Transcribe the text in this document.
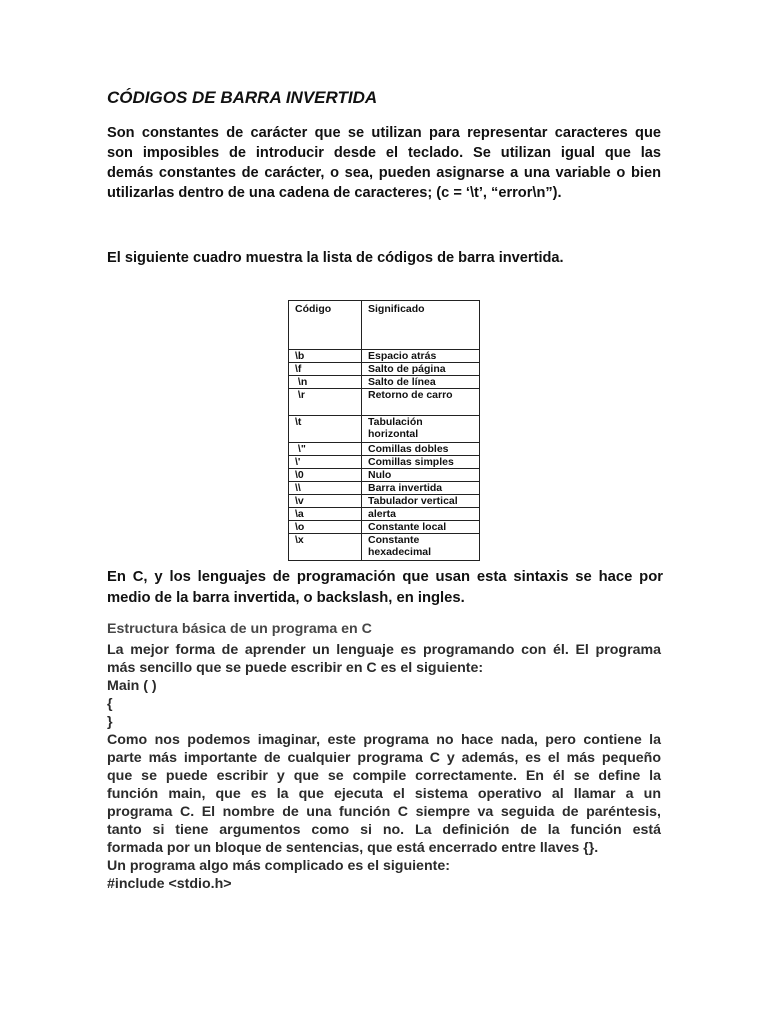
CÓDIGOS DE BARRA INVERTIDA
Son constantes de carácter que se utilizan para representar caracteres que
son imposibles de introducir desde el teclado. Se utilizan igual que las
demás constantes de carácter, o sea, pueden asignarse a una variable o bien
utilizarlas dentro de una cadena de caracteres; (c = ‘\t’, “error\n”).

El siguiente cuadro muestra la lista de códigos de barra invertida.

Código	Significado
\b	Espacio atrás
\f	Salto de página
\n	Salto de línea
\r	Retorno de carro
\t	Tabulación horizontal
\"	Comillas dobles
\'	Comillas simples
\0	Nulo
\\	Barra invertida
\v	Tabulador vertical
\a	alerta
\o	Constante local
\x	Constante hexadecimal
En C, y los lenguajes de programación que usan esta sintaxis se hace por
medio de la barra invertida, o backslash, en ingles.

Estructura básica de un programa en C

La mejor forma de aprender un lenguaje es programando con él. El programa
más sencillo que se puede escribir en C es el siguiente:
Main ( )
{
}
Como nos podemos imaginar, este programa no hace nada, pero contiene la
parte más importante de cualquier programa C y además, es el más pequeño
que se puede escribir y que se compile correctamente. En él se define la
función main, que es la que ejecuta el sistema operativo al llamar a un
programa C. El nombre de una función C siempre va seguida de paréntesis,
tanto si tiene argumentos como si no. La definición de la función está
formada por un bloque de sentencias, que está encerrado entre llaves {}.
Un programa algo más complicado es el siguiente:
#include <stdio.h>
